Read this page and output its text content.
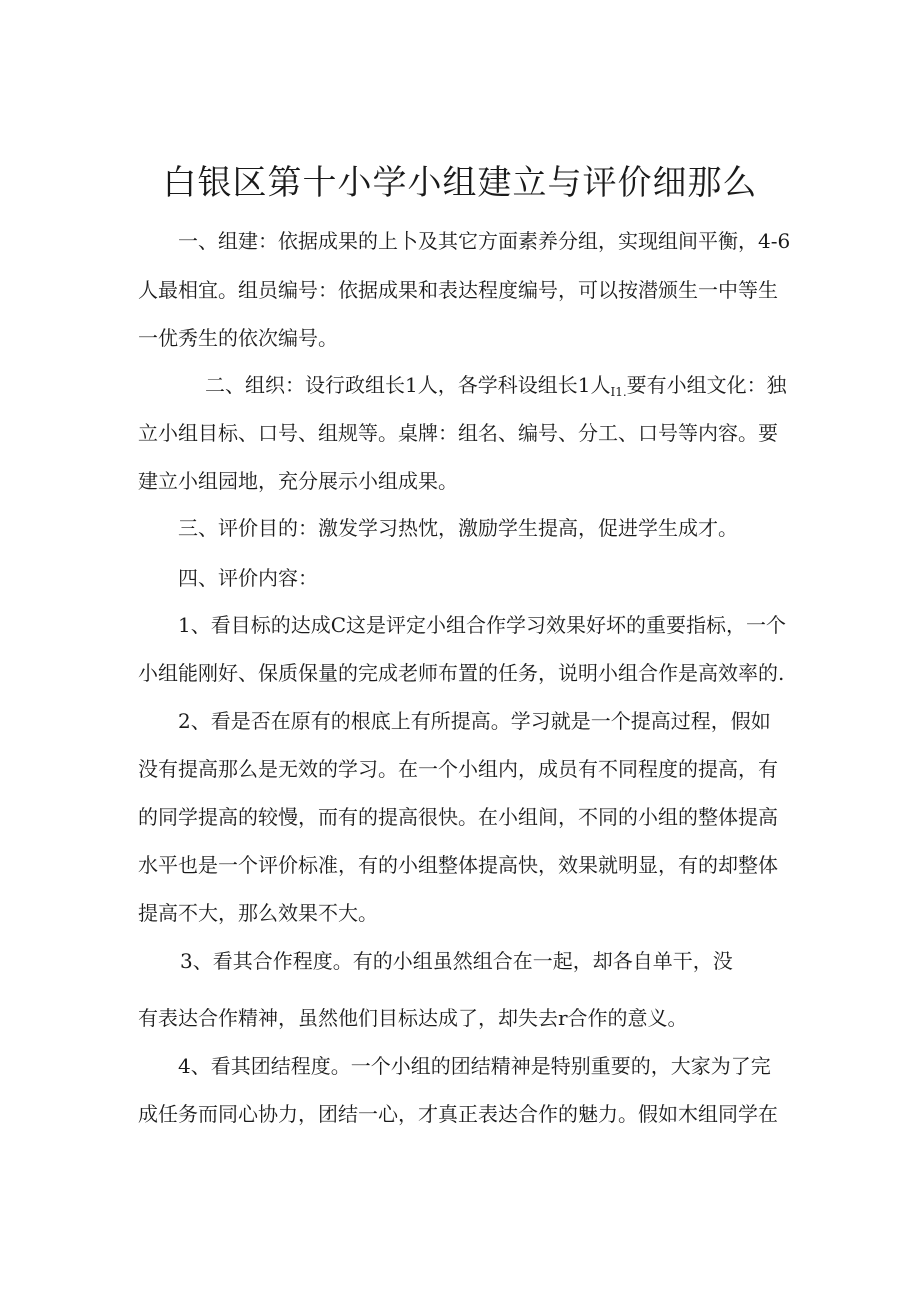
白银区第十小学小组建立与评价细那么

一、组建：依据成果的上卜及其它方面素养分组，实现组间平衡，4-6

人最相宜。组员编号：依据成果和表达程度编号，可以按潜颁生一中等生

一优秀生的依次编号。

二、组织：设行政组长1人，各学科设组长1人$_{I1.}$要有小组文化：独

立小组目标、口号、组规等。桌牌：组名、编号、分工、口号等内容。要

建立小组园地，充分展示小组成果。

三、评价目的：激发学习热忱，激励学生提高，促进学生成才。

四、评价内容：

1、看目标的达成C这是评定小组合作学习效果好坏的重要指标，一个

小组能刚好、保质保量的完成老师布置的任务，说明小组合作是高效率的.

2、看是否在原有的根底上有所提高。学习就是一个提高过程，假如

没有提高那么是无效的学习。在一个小组内，成员有不同程度的提高，有

的同学提高的较慢，而有的提高很快。在小组间，不同的小组的整体提高

水平也是一个评价标准，有的小组整体提高快，效果就明显，有的却整体

提高不大，那么效果不大。

3、看其合作程度。有的小组虽然组合在一起，却各自单干，没

有表达合作精神，虽然他们目标达成了，却失去r合作的意义。

4、看其团结程度。一个小组的团结精神是特别重要的，大家为了完

成任务而同心协力，团结一心，才真正表达合作的魅力。假如木组同学在
